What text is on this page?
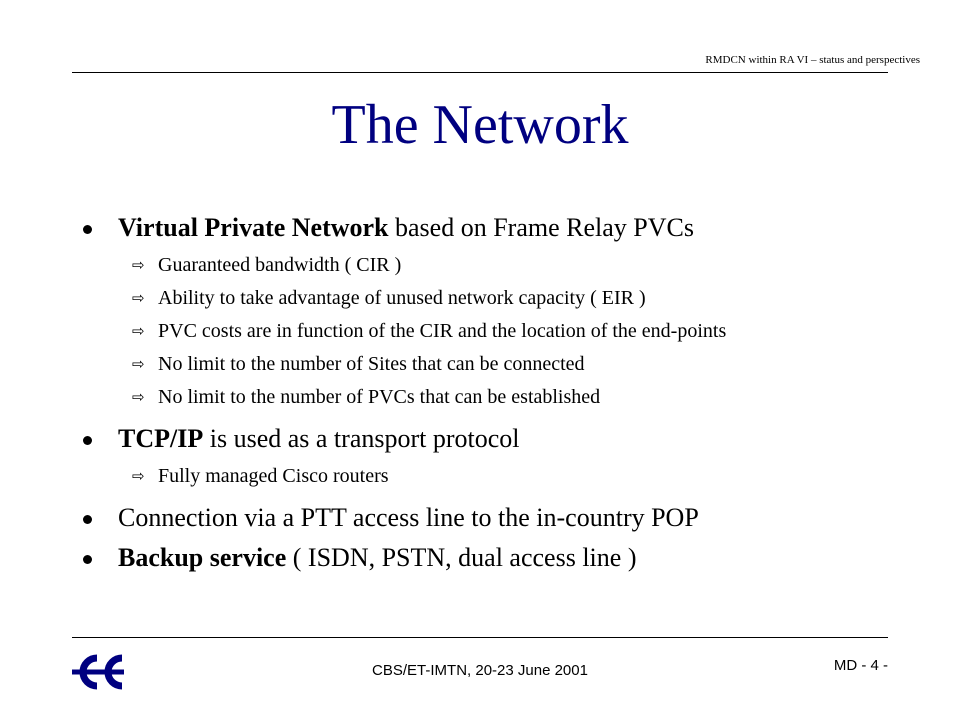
RMDCN within RA VI – status and perspectives
The Network
Virtual Private Network based on Frame Relay PVCs
⇨ Guaranteed bandwidth ( CIR )
⇨ Ability to take advantage of unused network capacity ( EIR )
⇨ PVC costs are in function of the CIR and the location of the end-points
⇨ No limit to the number of Sites that can be connected
⇨ No limit to the number of PVCs that can be established
TCP/IP is used as a transport protocol
⇨ Fully managed Cisco routers
Connection via a PTT access line to the in-country POP
Backup service ( ISDN, PSTN, dual access line )
CBS/ET-IMTN, 20-23 June 2001	MD - 4 -
